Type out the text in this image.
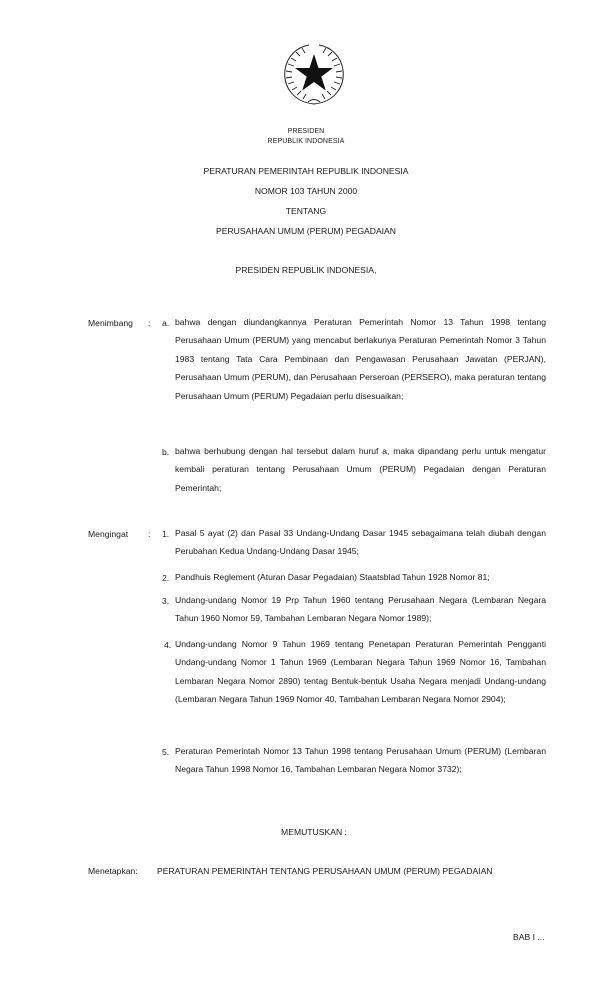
PRESIDEN
REPUBLIK INDONESIA
PERATURAN PEMERINTAH REPUBLIK INDONESIA
NOMOR 103 TAHUN 2000
TENTANG
PERUSAHAAN UMUM (PERUM) PEGADAIAN
PRESIDEN REPUBLIK INDONESIA,
Menimbang : a. bahwa dengan diundangkannya Peraturan Pemerintah Nomor 13 Tahun 1998 tentang Perusahaan Umum (PERUM) yang mencabut berlakunya Peraturan Pemerintah Nomor 3 Tahun 1983 tentang Tata Cara Pembinaan dan Pengawasan Perusahaan Jawatan (PERJAN), Perusahaan Umum (PERUM), dan Perusahaan Perseroan (PERSERO), maka peraturan tentang Perusahaan Umum (PERUM) Pegadaian perlu disesuaikan;
b. bahwa berhubung dengan hal tersebut dalam huruf a, maka dipandang perlu untuk mengatur kembali peraturan tentang Perusahaan Umum (PERUM) Pegadaian dengan Peraturan Pemerintah;
Mengingat : 1. Pasal 5 ayat (2) dan Pasal 33 Undang-Undang Dasar 1945 sebagaimana telah diubah dengan Perubahan Kedua Undang-Undang Dasar 1945;
2. Pandhuis Reglement (Aturan Dasar Pegadaian) Staatsblad Tahun 1928 Nomor 81;
3. Undang-undang Nomor 19 Prp Tahun 1960 tentang Perusahaan Negara (Lembaran Negara Tahun 1960 Nomor 59, Tambahan Lembaran Negara Nomor 1989);
4. Undang-undang Nomor 9 Tahun 1969 tentang Penetapan Peraturan Pemerintah Pengganti Undang-undang Nomor 1 Tahun 1969 (Lembaran Negara Tahun 1969 Nomor 16, Tambahan Lembaran Negara Nomor 2890) tentag Bentuk-bentuk Usaha Negara menjadi Undang-undang (Lembaran Negara Tahun 1969 Nomor 40, Tambahan Lembaran Negara Nomor 2904);
5. Peraturan Pemerintah Nomor 13 Tahun 1998 tentang Perusahaan Umum (PERUM) (Lembaran Negara Tahun 1998 Nomor 16, Tambahan Lembaran Negara Nomor 3732);
MEMUTUSKAN :
Menetapkan: PERATURAN PEMERINTAH TENTANG PERUSAHAAN UMUM (PERUM) PEGADAIAN
BAB I ...
